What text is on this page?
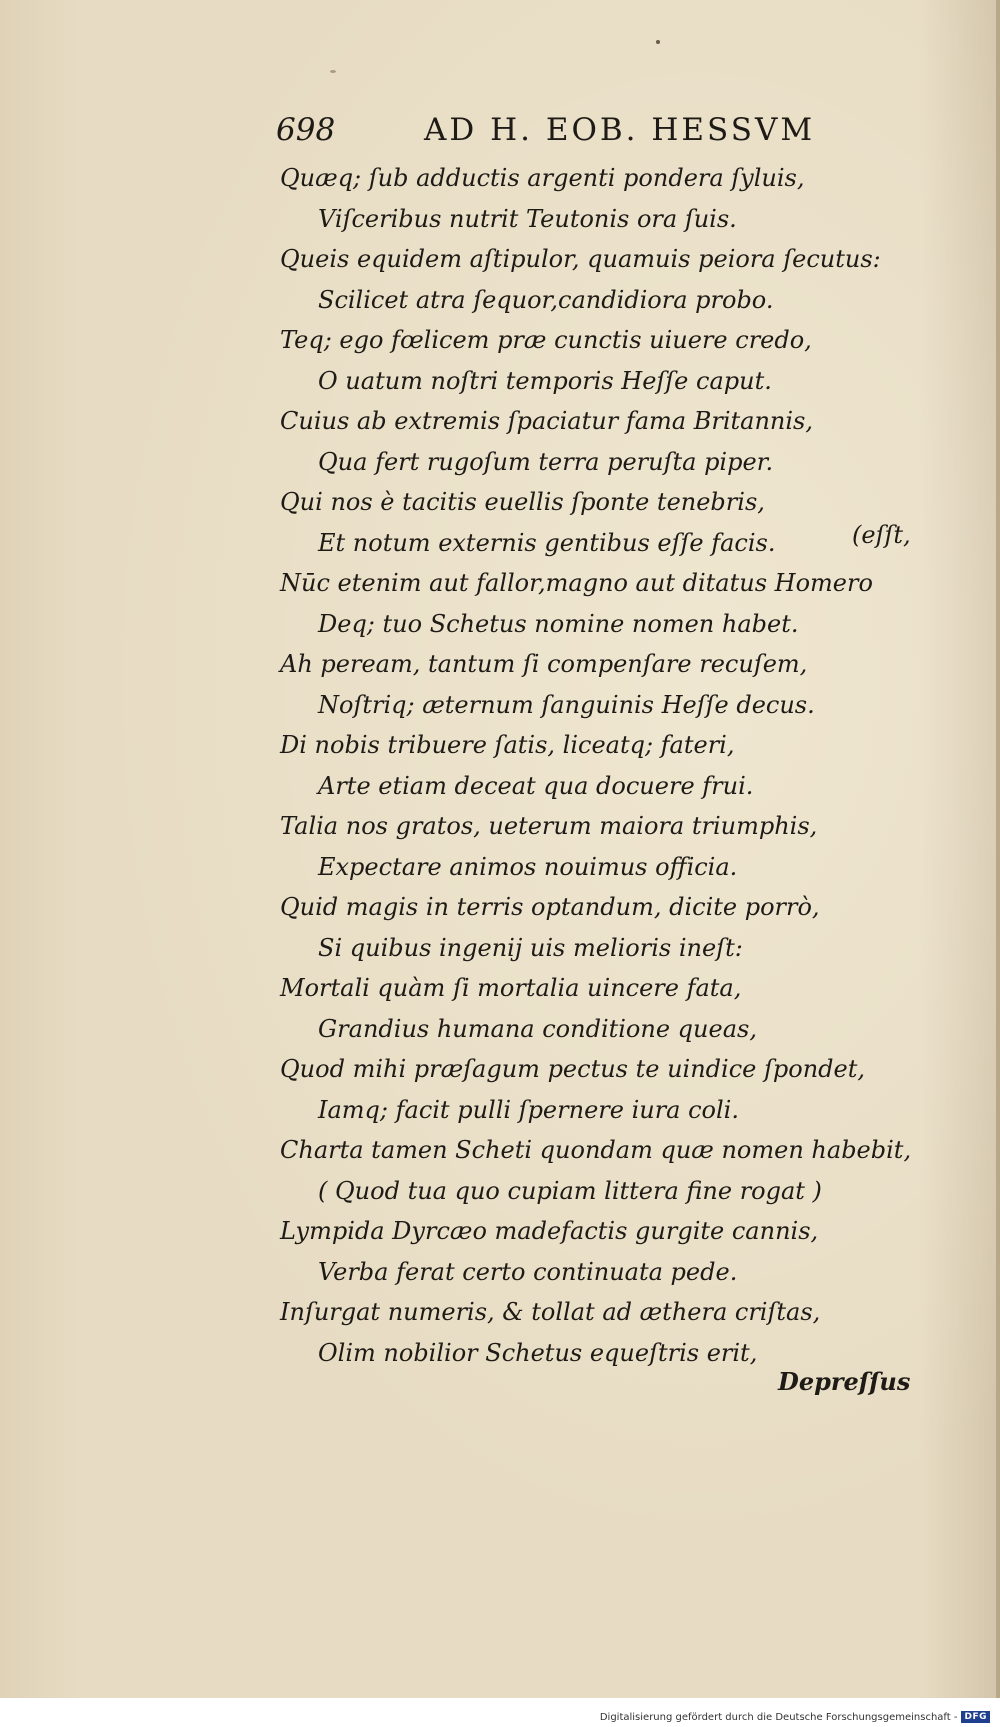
698	AD H. EOB. HESSVM
Quæq; ſub adductis argenti pondera ſyluis,
Viſceribus nutrit Teutonis ora ſuis.
Queis equidem aſtipulor, quamuis peiora ſecutus:
Scilicet atra ſequor,candidiora probo.
Teq; ego fœlicem præ cunctis uiuere credo,
O uatum noſtri temporis Heſſe caput.
Cuius ab extremis ſpaciatur fama Britannis,
Qua fert rugoſum terra peruſta piper.
Qui nos è tacitis euellis ſponte tenebris,
Et notum externis gentibus eſſe facis.
Nūc etenim aut fallor,magno aut ditatus Homero
Deq; tuo Schetus nomine nomen habet.
Ah peream, tantum ſi compenſare recuſem,
Noſtriq; æternum ſanguinis Heſſe decus.
Di nobis tribuere ſatis, liceatq; fateri,
Arte etiam deceat qua docuere frui.
Talia nos gratos, ueterum maiora triumphis,
Expectare animos nouimus officia.
Quid magis in terris optandum, dicite porrò,
Si quibus ingenij uis melioris ineſt:
Mortali quàm ſi mortalia uincere fata,
Grandius humana conditione queas,
Quod mihi præſagum pectus te uindice ſpondet,
Iamq; facit pulli ſpernere iura coli.
Charta tamen Scheti quondam quæ nomen habebit,
( Quod tua quo cupiam littera fine rogat )
Lympida Dyrcæo madefactis gurgite cannis,
Verba ferat certo continuata pede.
Inſurgat numeris, & tollat ad æthera criſtas,
Olim nobilior Schetus equeſtris erit,
(eſſt,
Depreſſus
Digitalisierung gefördert durch die Deutsche Forschungsgemeinschaft - DFG
